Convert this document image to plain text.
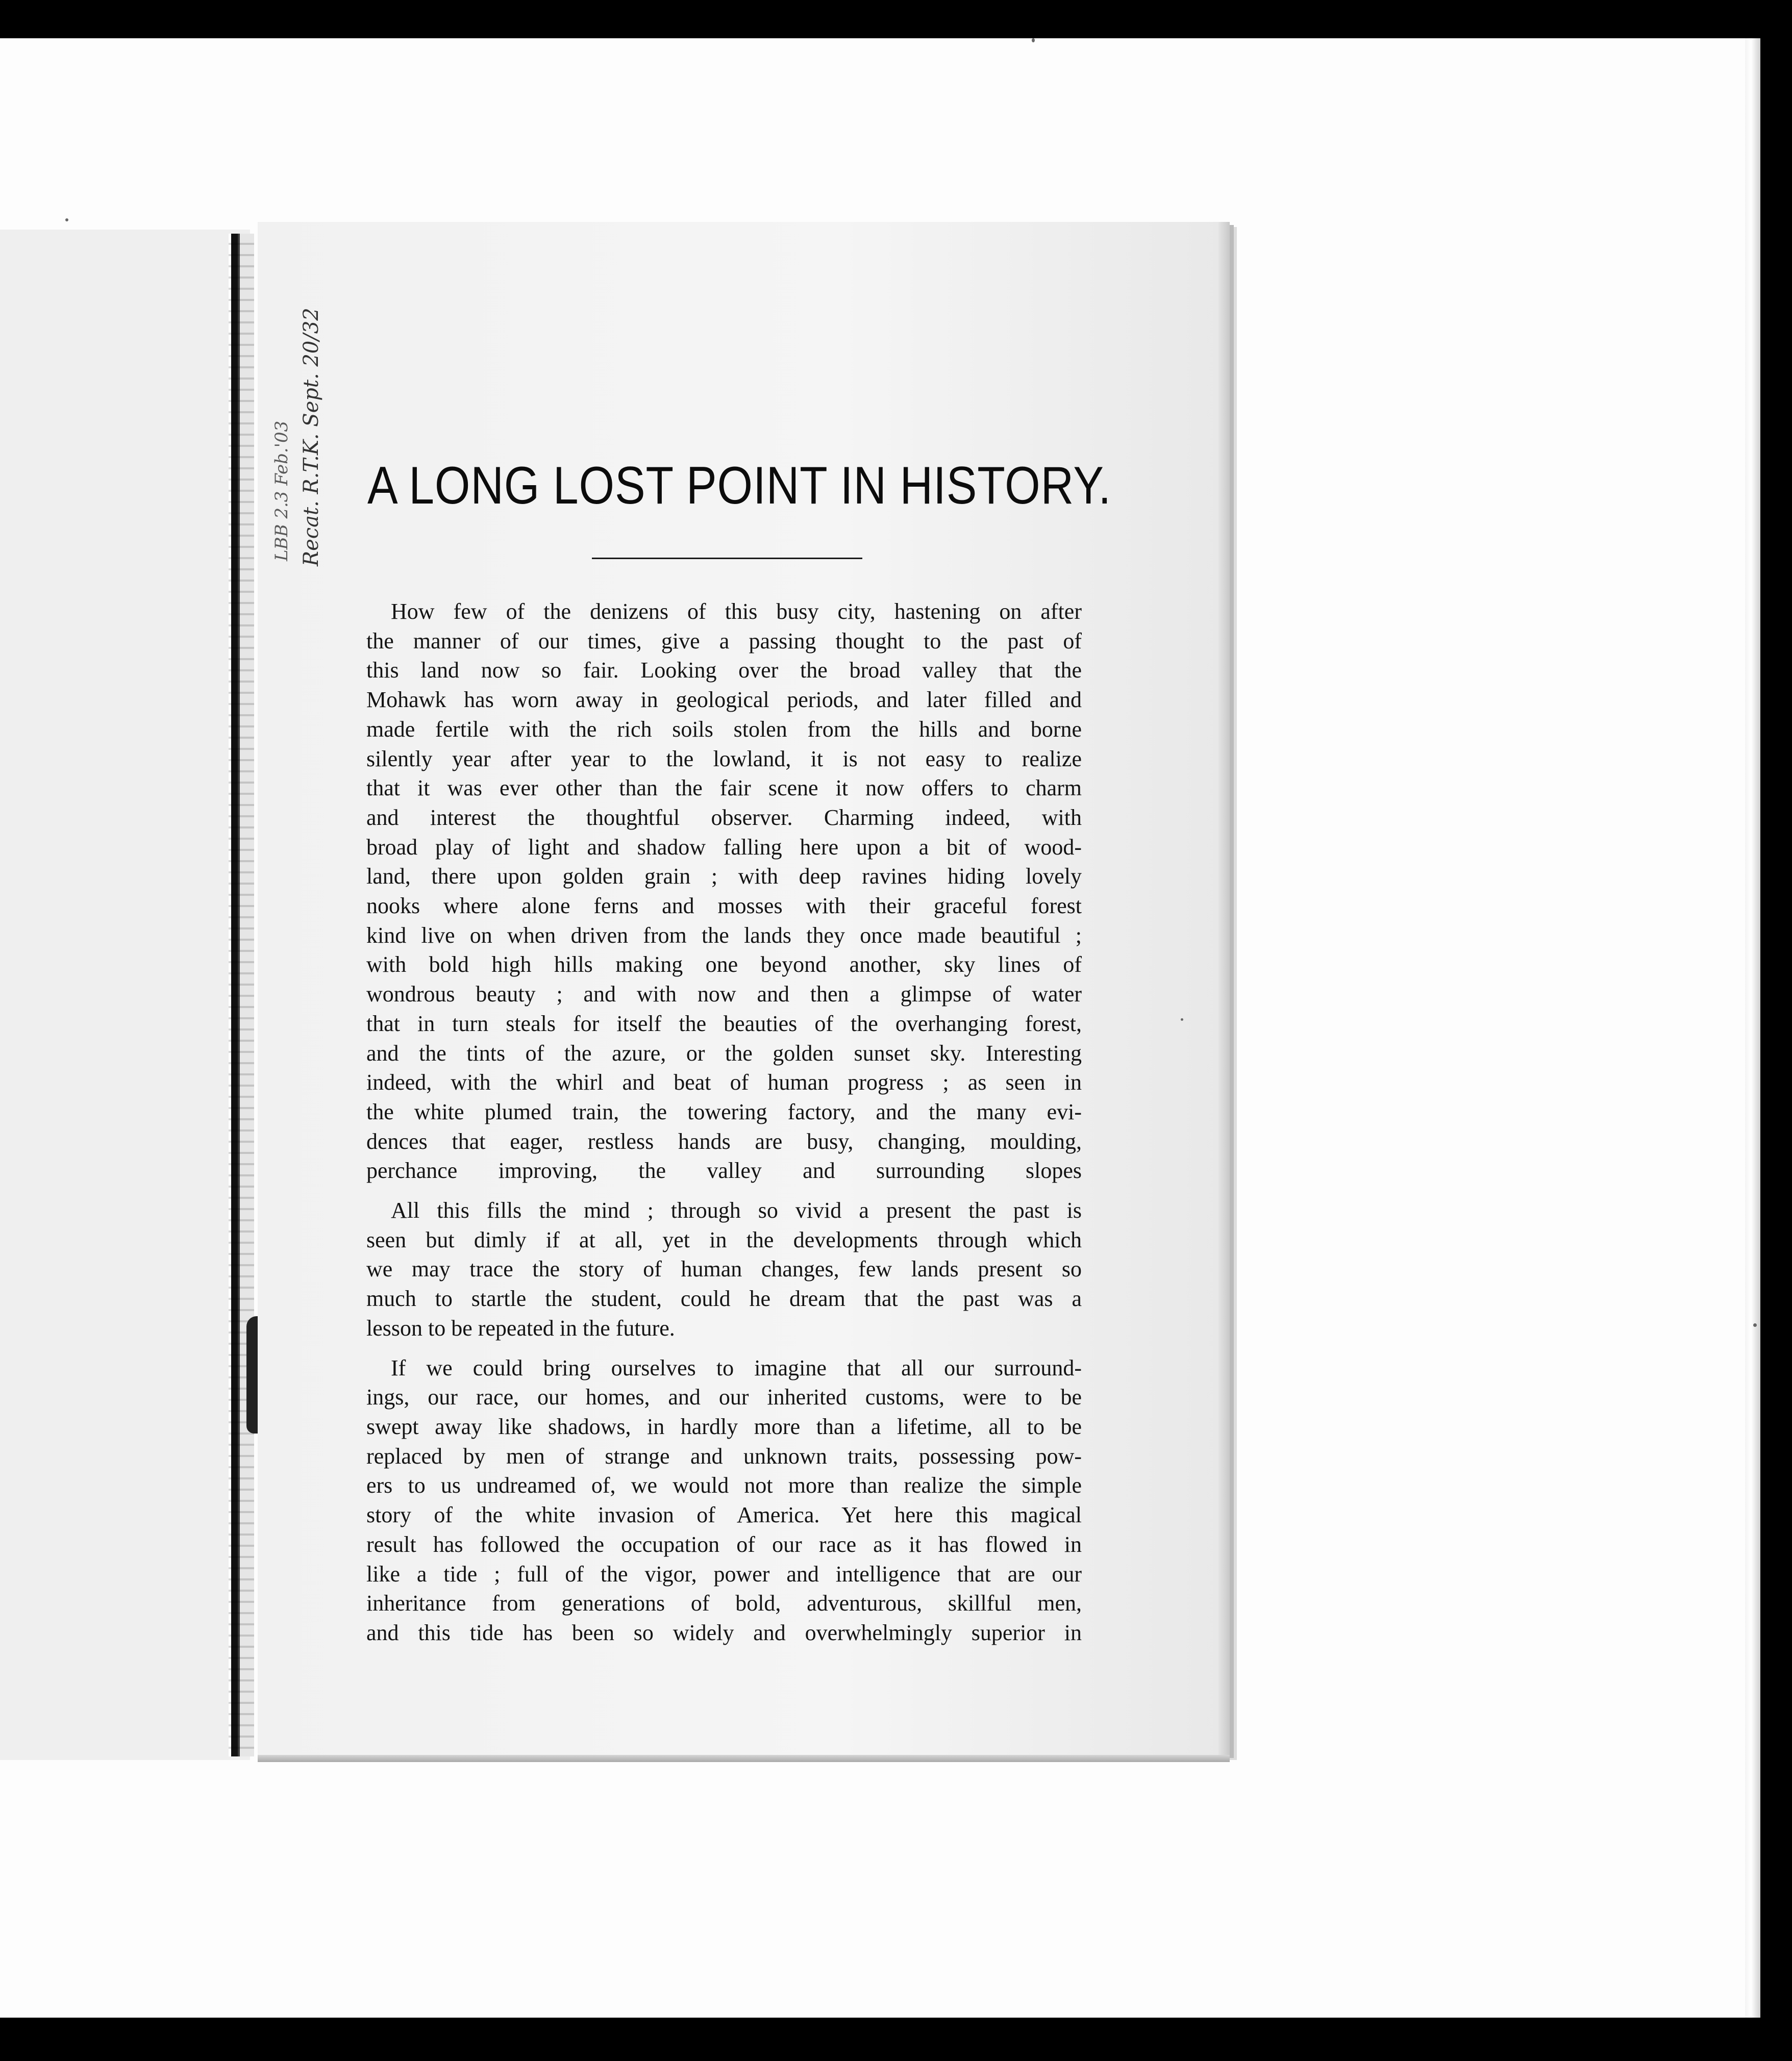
LBB 2.3 Feb.'03 Recat. R.T.K. Sept. 20/32 A LONG LOST POINT IN HISTORY.
How few of the denizens of this busy city, hastening on after
the manner of our times, give a passing thought to the past of
this land now so fair. Looking over the broad valley that the
Mohawk has worn away in geological periods, and later filled and
made fertile with the rich soils stolen from the hills and borne
silently year after year to the lowland, it is not easy to realize
that it was ever other than the fair scene it now offers to charm
and interest the thoughtful observer. Charming indeed, with
broad play of light and shadow falling here upon a bit of wood-
land, there upon golden grain ; with deep ravines hiding lovely
nooks where alone ferns and mosses with their graceful forest
kind live on when driven from the lands they once made beautiful ;
with bold high hills making one beyond another, sky lines of
wondrous beauty ; and with now and then a glimpse of water
that in turn steals for itself the beauties of the overhanging forest,
and the tints of the azure, or the golden sunset sky. Interesting
indeed, with the whirl and beat of human progress ; as seen in
the white plumed train, the towering factory, and the many evi-
dences that eager, restless hands are busy, changing, moulding,
perchance improving, the valley and surrounding slopes
All this fills the mind ; through so vivid a present the past is
seen but dimly if at all, yet in the developments through which
we may trace the story of human changes, few lands present so
much to startle the student, could he dream that the past was a
lesson to be repeated in the future.
If we could bring ourselves to imagine that all our surround-
ings, our race, our homes, and our inherited customs, were to be
swept away like shadows, in hardly more than a lifetime, all to be
replaced by men of strange and unknown traits, possessing pow-
ers to us undreamed of, we would not more than realize the simple
story of the white invasion of America. Yet here this magical
result has followed the occupation of our race as it has flowed in
like a tide ; full of the vigor, power and intelligence that are our
inheritance from generations of bold, adventurous, skillful men,
and this tide has been so widely and overwhelmingly superior in
